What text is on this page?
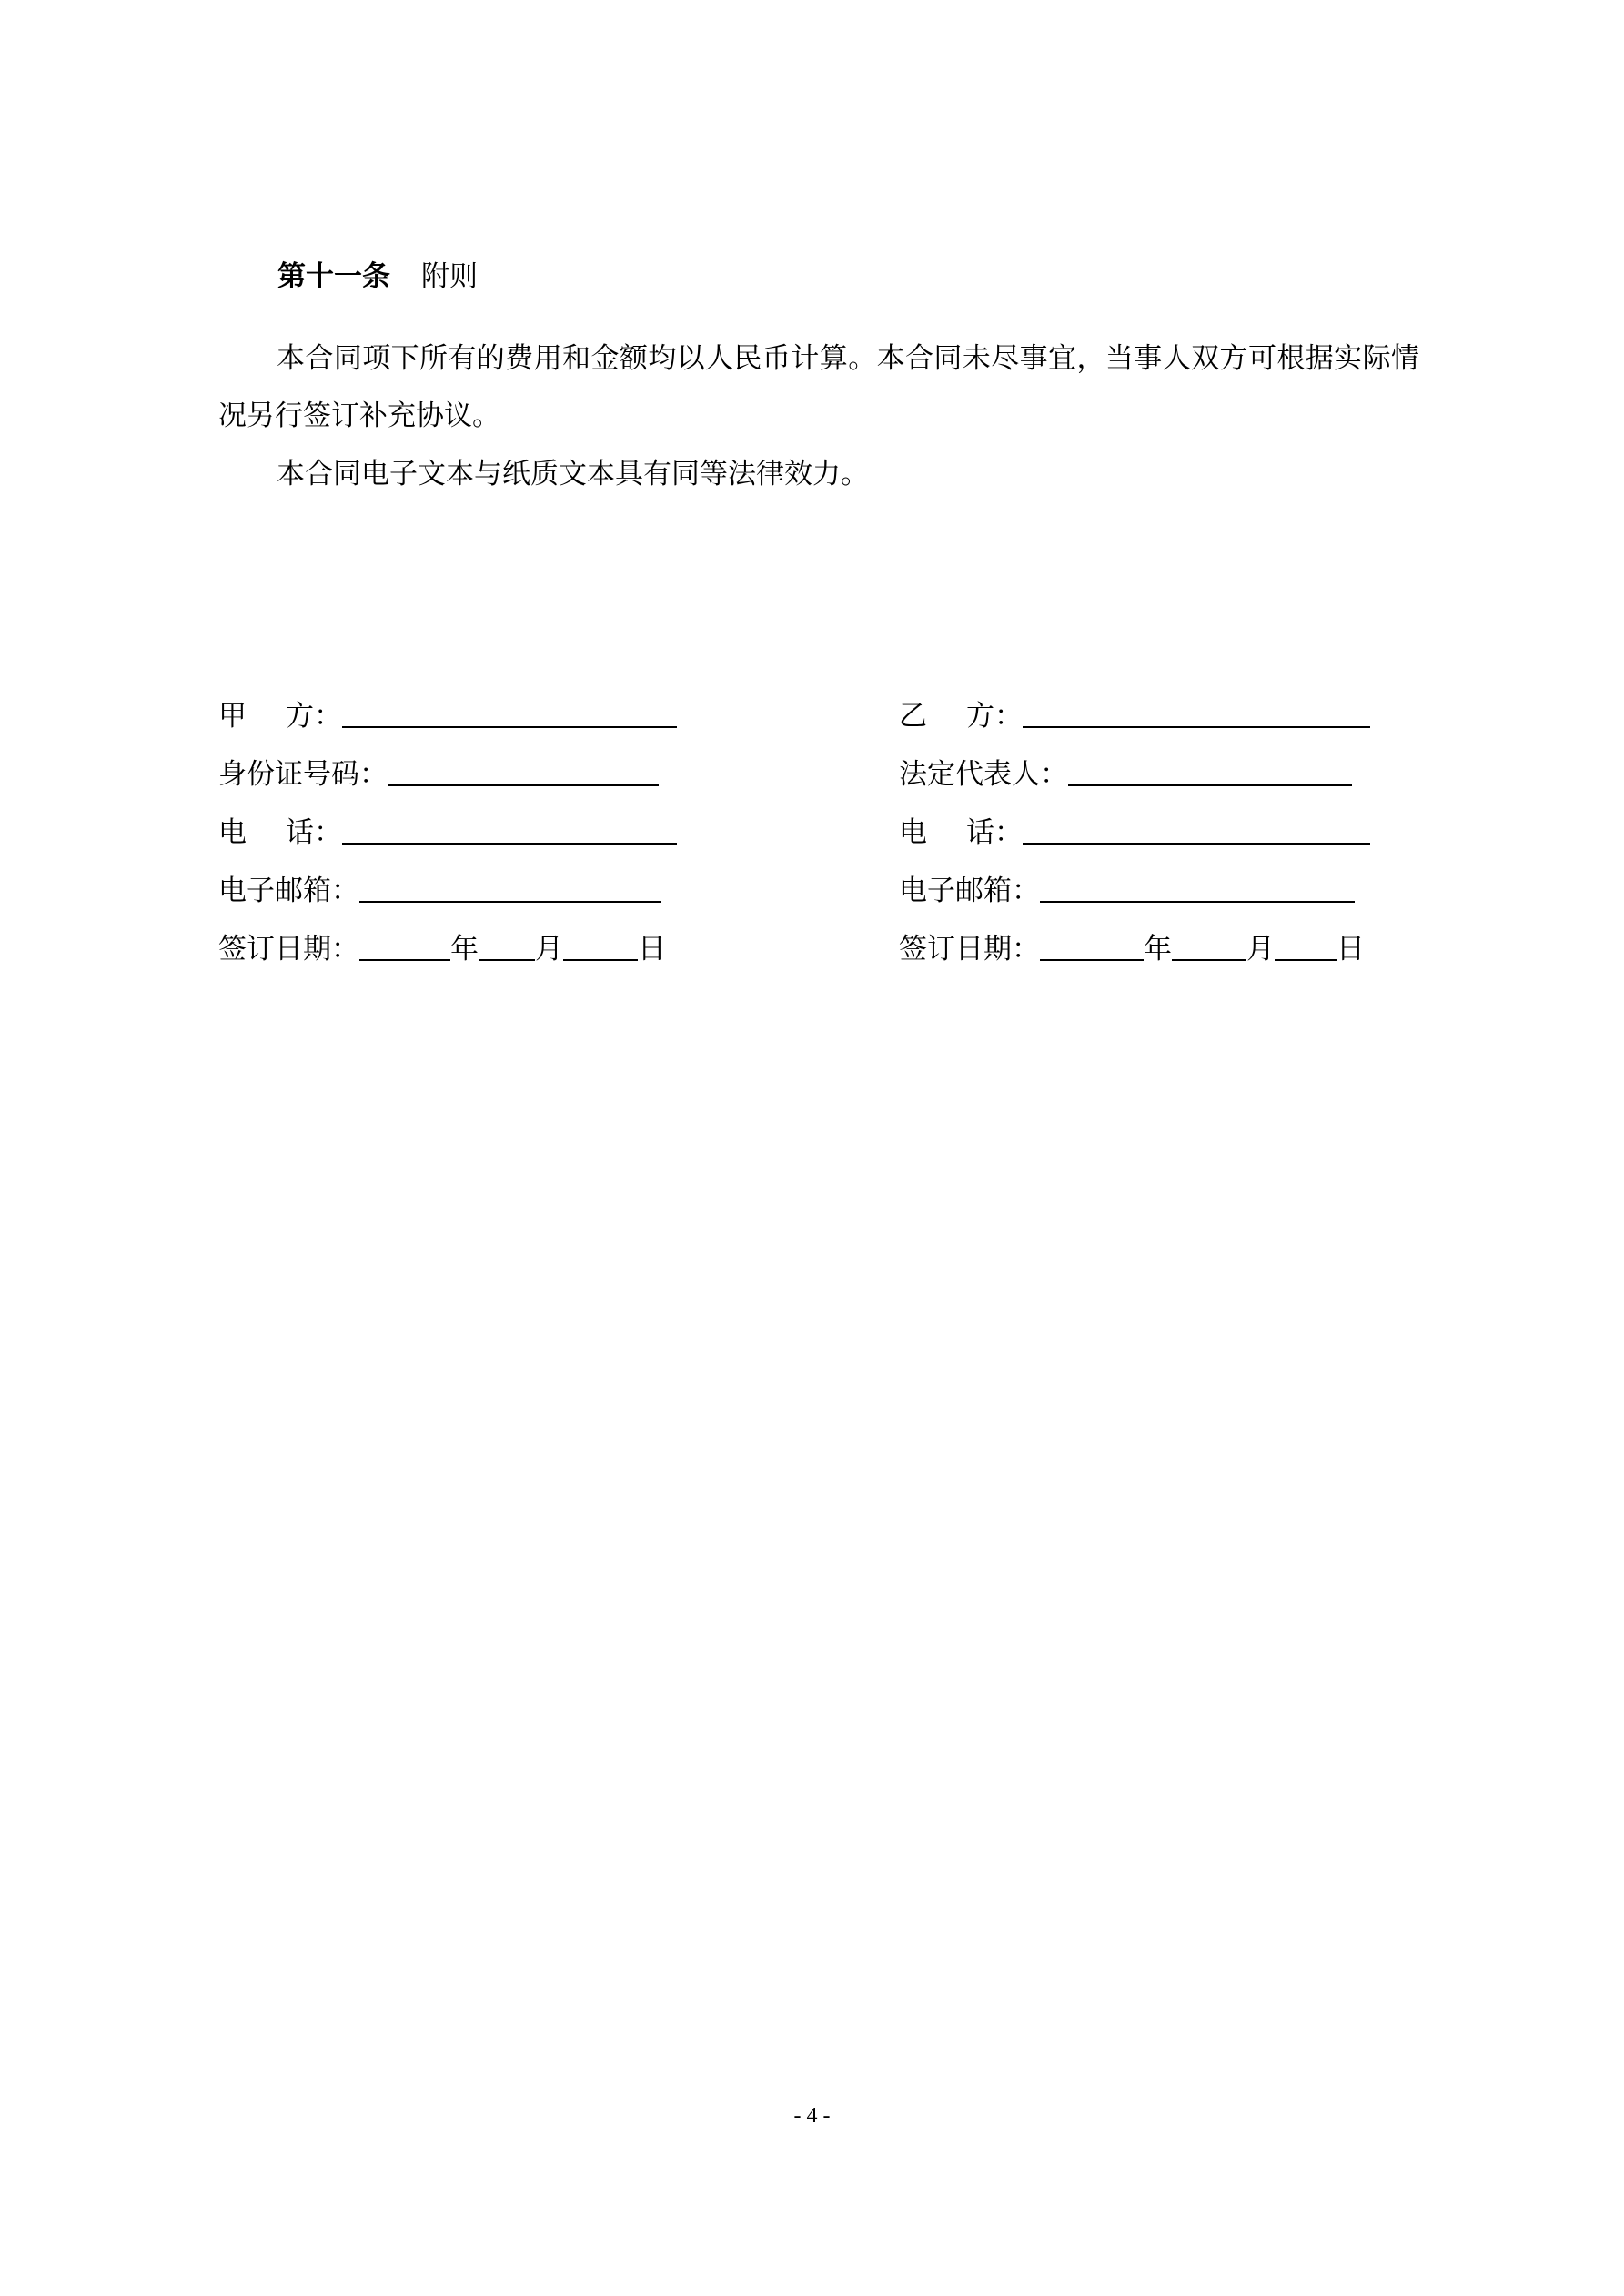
第十一条 附则

本合同项下所有的费用和金额均以人民币计算。本合同未尽事宜，当事人双方可根据实际情况另行签订补充协议。

本合同电子文本与纸质文本具有同等法律效力。

甲 方：
身份证号码：
电 话：
电子邮箱：
签订日期：	年 月	日
乙 方：
法定代表人：
电 话：
电子邮箱：
签订日期：	年	月 日
- 4 -
